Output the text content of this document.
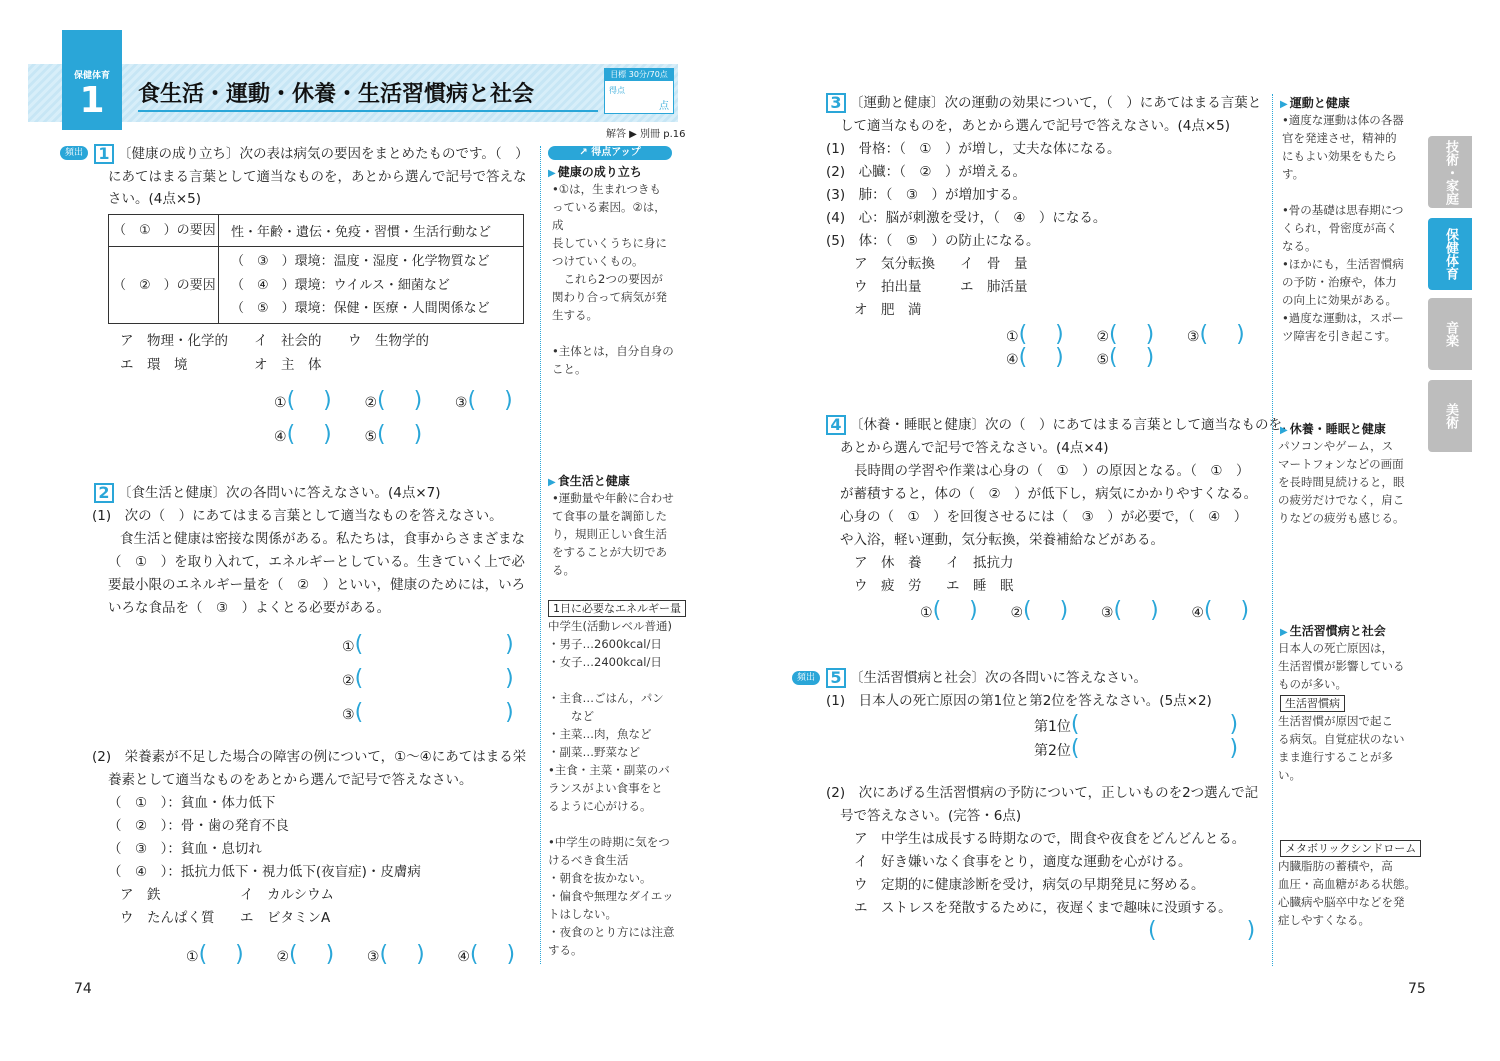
保健体育
1	食生活・運動・休養・生活習慣病と社会
目標 30分/70点
得点
点
解答 ▶ 別冊 p.16
頻出 1 〔健康の成り立ち〕次の表は病気の要因をまとめたものです。（　）
にあてはまる言葉として適当なものを，あとから選んで記号で答えな
さい。(4点×5)
（　①　）の要因 性・年齢・遺伝・免疫・習慣・生活行動など
（　②　）の要因
（　③　）環境：温度・湿度・化学物質など
（　④　）環境：ウイルス・細菌など
（　⑤　）環境：保健・医療・人間関係など
ア　物理・化学的 イ　社会的 ウ　生物学的
エ　環　境	オ　主　体
①(　　 ) ②(　　 ) ③(　　 )
④(　　 ) ⑤(　　 )
2 〔食生活と健康〕次の各問いに答えなさい。(4点×7)
(1)　次の（　）にあてはまる言葉として適当なものを答えなさい。
食生活と健康は密接な関係がある。私たちは，食事からさまざまな
（　①　）を取り入れて，エネルギーとしている。生きていく上で必
要最小限のエネルギー量を（　②　）といい，健康のためには，いろ
いろな食品を（　③　）よくとる必要がある。
①(	)
②(	)
③(	)
(2)　栄養素が不足した場合の障害の例について，①〜④にあてはまる栄
養素として適当なものをあとから選んで記号で答えなさい。
（　①　）：貧血・体力低下
（　②　）：骨・歯の発育不良
（　③　）：貧血・息切れ
（　④　）：抵抗力低下・視力低下(夜盲症)・皮膚病
ア　鉄	イ　カルシウム
ウ　たんぱく質 エ　ビタミンA
①(　　 ) ②(　　 ) ③(　　 ) ④(　　 )
↗ 得点アップ
▶ 健康の成り立ち
•①は，生まれつきも
っている素因。②は，成
長していくうちに身に
つけていくもの。
　これら2つの要因が
関わり合って病気が発
生する。

•主体とは，自分自身の
こと。
▶ 食生活と健康
•運動量や年齢に合わせ
て食事の量を調節した
り，規則正しい食生活
をすることが大切であ
る。
1日に必要なエネルギー量
中学生(活動レベル普通)
・男子…2600kcal/日
・女子…2400kcal/日

・主食…ごはん，パン
　　など
・主菜…肉，魚など
・副菜…野菜など
•主食・主菜・副菜のバ
ランスがよい食事をと
るように心がける。

•中学生の時期に気をつ
けるべき食生活
・朝食を抜かない。
・偏食や無理なダイエッ
トはしない。
・夜食のとり方には注意
する。
74
3 〔運動と健康〕次の運動の効果について，（　）にあてはまる言葉と
して適当なものを，あとから選んで記号で答えなさい。(4点×5)
(1)　骨格：（　①　）が増し，丈夫な体になる。
(2)　心臓：（　②　）が増える。
(3)　肺：（　③　）が増加する。
(4)　心：脳が刺激を受け，（　④　）になる。
(5)　体：（　⑤　）の防止になる。
ア　気分転換 イ　骨　量
ウ　拍出量	エ　肺活量
オ　肥　満
①(　　 ) ②(　　 ) ③(　　 )
④(　　 ) ⑤(　　 )
4 〔休養・睡眠と健康〕次の（　）にあてはまる言葉として適当なものを，
あとから選んで記号で答えなさい。(4点×4)
長時間の学習や作業は心身の（　①　）の原因となる。（　①　）
が蓄積すると，体の（　②　）が低下し，病気にかかりやすくなる。
心身の（　①　）を回復させるには（　③　）が必要で，（　④　）
や入浴，軽い運動，気分転換，栄養補給などがある。
ア　休　養 イ　抵抗力
ウ　疲　労 エ　睡　眠
①(　　 ) ②(　　 ) ③(　　 ) ④(　　 )
頻出 5 〔生活習慣病と社会〕次の各問いに答えなさい。
(1)　日本人の死亡原因の第1位と第2位を答えなさい。(5点×2)
第1位(	)
第2位(	)
(2)　次にあげる生活習慣病の予防について，正しいものを2つ選んで記
号で答えなさい。(完答・6点)
ア　中学生は成長する時期なので，間食や夜食をどんどんとる。
イ　好き嫌いなく食事をとり，適度な運動を心がける。
ウ　定期的に健康診断を受け，病気の早期発見に努める。
エ　ストレスを発散するために，夜遅くまで趣味に没頭する。
(	)
▶ 運動と健康
•適度な運動は体の各器
官を発達させ，精神的
にもよい効果をもたら
す。

•骨の基礎は思春期につ
くられ，骨密度が高く
なる。
•ほかにも，生活習慣病
の予防・治療や，体力
の向上に効果がある。
•過度な運動は，スポー
ツ障害を引き起こす。
▶ 休養・睡眠と健康
パソコンやゲーム，ス
マートフォンなどの画面
を長時間見続けると，眼
の疲労だけでなく，肩こ
りなどの疲労も感じる。
▶ 生活習慣病と社会
日本人の死亡原因は，
生活習慣が影響している
ものが多い。
生活習慣病
生活習慣が原因で起こ
る病気。自覚症状のない
まま進行することが多
い。
メタボリックシンドローム
内臓脂肪の蓄積や，高
血圧・高血糖がある状態。
心臓病や脳卒中などを発
症しやすくなる。
技術・家庭
保健体育
音楽
美術
75
